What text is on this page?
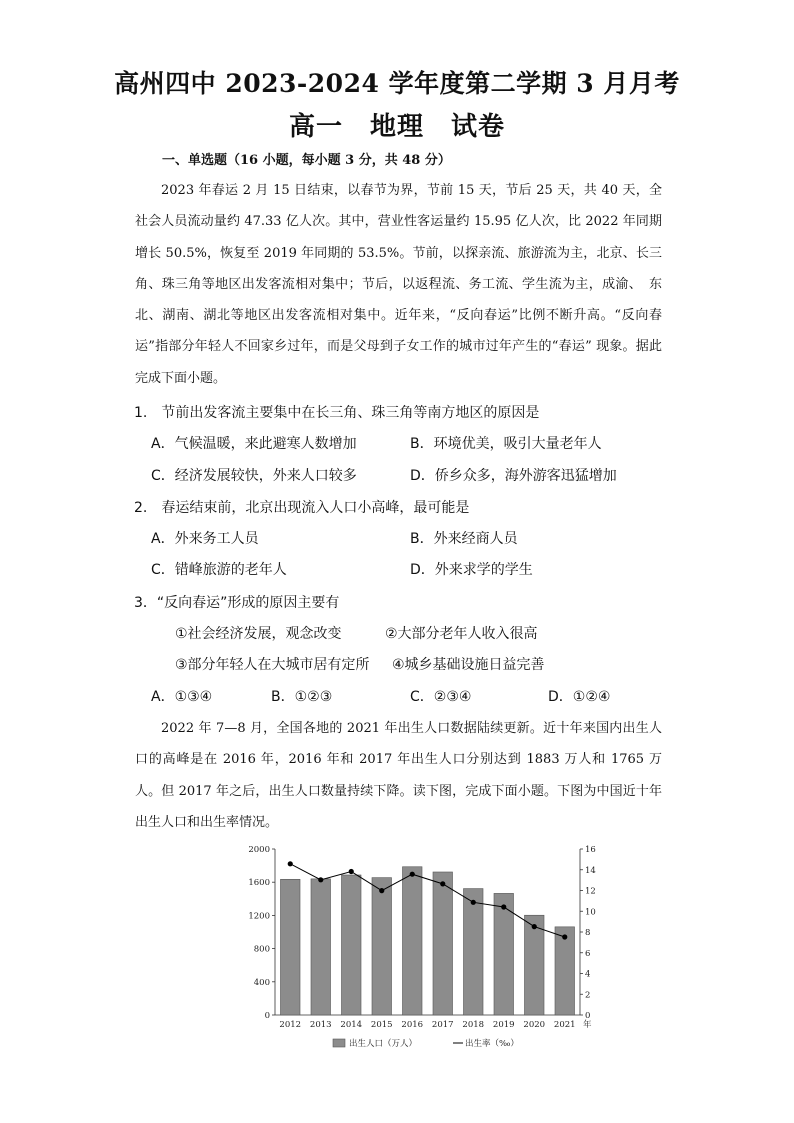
高州四中 2023-2024 学年度第二学期 3 月月考
高一　地理　试卷
一、单选题（16 小题，每小题 3 分，共 48 分）

2023 年春运 2 月 15 日结束，以春节为界，节前 15 天，节后 25 天，共 40 天，全社会人员流动量约 47.33 亿人次。其中，营业性客运量约 15.95 亿人次，比 2022 年同期增长 50.5%，恢复至 2019 年同期的 53.5%。节前，以探亲流、旅游流为主，北京、长三角、珠三角等地区出发客流相对集中；节后，以返程流、务工流、学生流为主，成渝、　东北、湖南、湖北等地区出发客流相对集中。近年来，“反向春运”比例不断升高。“反向春运”指部分年轻人不回家乡过年，而是父母到子女工作的城市过年产生的“春运” 现象。据此完成下面小题。

1.　节前出发客流主要集中在长三角、珠三角等南方地区的原因是
A．气候温暖，来此避寒人数增加	B．环境优美，吸引大量老年人
C．经济发展较快，外来人口较多	D．侨乡众多，海外游客迅猛增加
2.　春运结束前，北京出现流入人口小高峰，最可能是
A．外来务工人员	B．外来经商人员
C．错峰旅游的老年人	D．外来求学的学生
3．“反向春运”形成的原因主要有
①社会经济发展，观念改变	②大部分老年人收入很高
③部分年轻人在大城市居有定所 ④城乡基础设施日益完善
A．①③④	B．①②③	C．②③④	D．①②④

2022 年 7—8 月，全国各地的 2021 年出生人口数据陆续更新。近十年来国内出生人口的高峰是在 2016 年，2016 年和 2017 年出生人口分别达到 1883 万人和 1765 万人。但 2017 年之后，出生人口数量持续下降。读下图，完成下面小题。下图为中国近十年出生人口和出生率情况。

0
400
800
1200
1600
2000
0
2
4
6
8
10
12
14
16
2012 2013 2014 2015 2016 2017 2018 2019 2020 2021 年
出生人口（万人）	出生率（‰）
